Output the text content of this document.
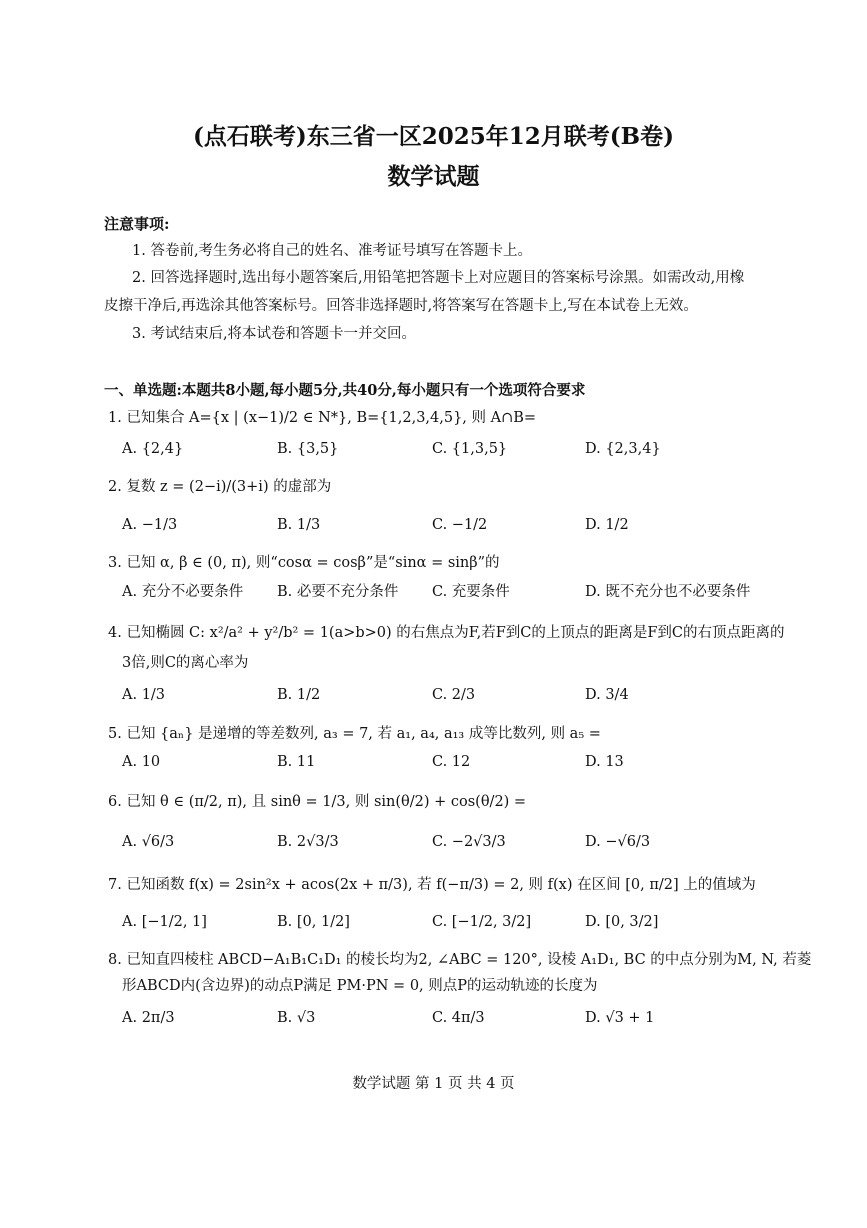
(点石联考)东三省一区2025年12月联考(B卷)
数学试题
注意事项:
1. 答卷前,考生务必将自己的姓名、准考证号填写在答题卡上。
2. 回答选择题时,选出每小题答案后,用铅笔把答题卡上对应题目的答案标号涂黑。如需改动,用橡
皮擦干净后,再选涂其他答案标号。回答非选择题时,将答案写在答题卡上,写在本试卷上无效。
3. 考试结束后,将本试卷和答题卡一并交回。
一、单选题:本题共8小题,每小题5分,共40分,每小题只有一个选项符合要求
1. 已知集合 A={x | (x−1)/2 ∈ N*}, B={1,2,3,4,5}, 则 A∩B=
A. {2,4}	B. {3,5}	C. {1,3,5}	D. {2,3,4}
2. 复数 z = (2−i)/(3+i) 的虚部为
A. −1/3	B. 1/3	C. −1/2	D. 1/2
3. 已知 α, β ∈ (0, π), 则“cosα = cosβ”是“sinα = sinβ”的
A. 充分不必要条件 B. 必要不充分条件 C. 充要条件	D. 既不充分也不必要条件
4. 已知椭圆 C: x²/a² + y²/b² = 1(a>b>0) 的右焦点为F,若F到C的上顶点的距离是F到C的右顶点距离的
3倍,则C的离心率为
A. 1/3	B. 1/2	C. 2/3	D. 3/4
5. 已知 {aₙ} 是递增的等差数列, a₃ = 7, 若 a₁, a₄, a₁₃ 成等比数列, 则 a₅ =
A. 10	B. 11	C. 12	D. 13
6. 已知 θ ∈ (π/2, π), 且 sinθ = 1/3, 则 sin(θ/2) + cos(θ/2) =
A. √6/3	B. 2√3/3	C. −2√3/3	D. −√6/3
7. 已知函数 f(x) = 2sin²x + acos(2x + π/3), 若 f(−π/3) = 2, 则 f(x) 在区间 [0, π/2] 上的值域为
A. [−1/2, 1]	B. [0, 1/2]	C. [−1/2, 3/2]	D. [0, 3/2]
8. 已知直四棱柱 ABCD−A₁B₁C₁D₁ 的棱长均为2, ∠ABC = 120°, 设棱 A₁D₁, BC 的中点分别为M, N, 若菱
形ABCD内(含边界)的动点P满足 PM·PN = 0, 则点P的运动轨迹的长度为
A. 2π/3	B. √3	C. 4π/3	D. √3 + 1
数学试题 第 1 页 共 4 页
